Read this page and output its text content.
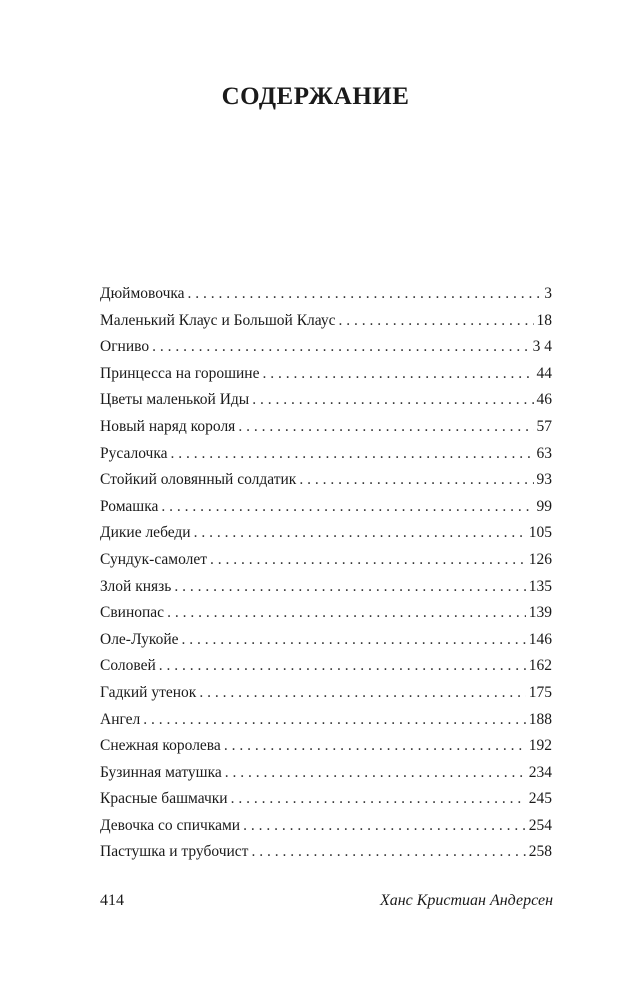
СОДЕРЖАНИЕ
Дюймовочка . . .	3
Маленький Клаус и Большой Клаус . . .	18
Огниво . . .	3 4
Принцесса на горошине . . .	44
Цветы маленькой Иды . . .	46
Новый наряд короля . . .	57
Русалочка . . .	63
Стойкий оловянный солдатик . . .	93
Ромашка . . .	99
Дикие лебеди . . .	105
Сундук-самолет . . .	126
Злой князь . . .	135
Свинопас . . .	139
Оле-Лукойе . . .	146
Соловей . . .	162
Гадкий утенок . . .	175
Ангел . . .	188
Снежная королева . . .	192
Бузинная матушка . . .	234
Красные башмачки . . .	245
Девочка со спичками . . .	254
Пастушка и трубочист . . .	258

414	Ханс Кристиан Андерсен
